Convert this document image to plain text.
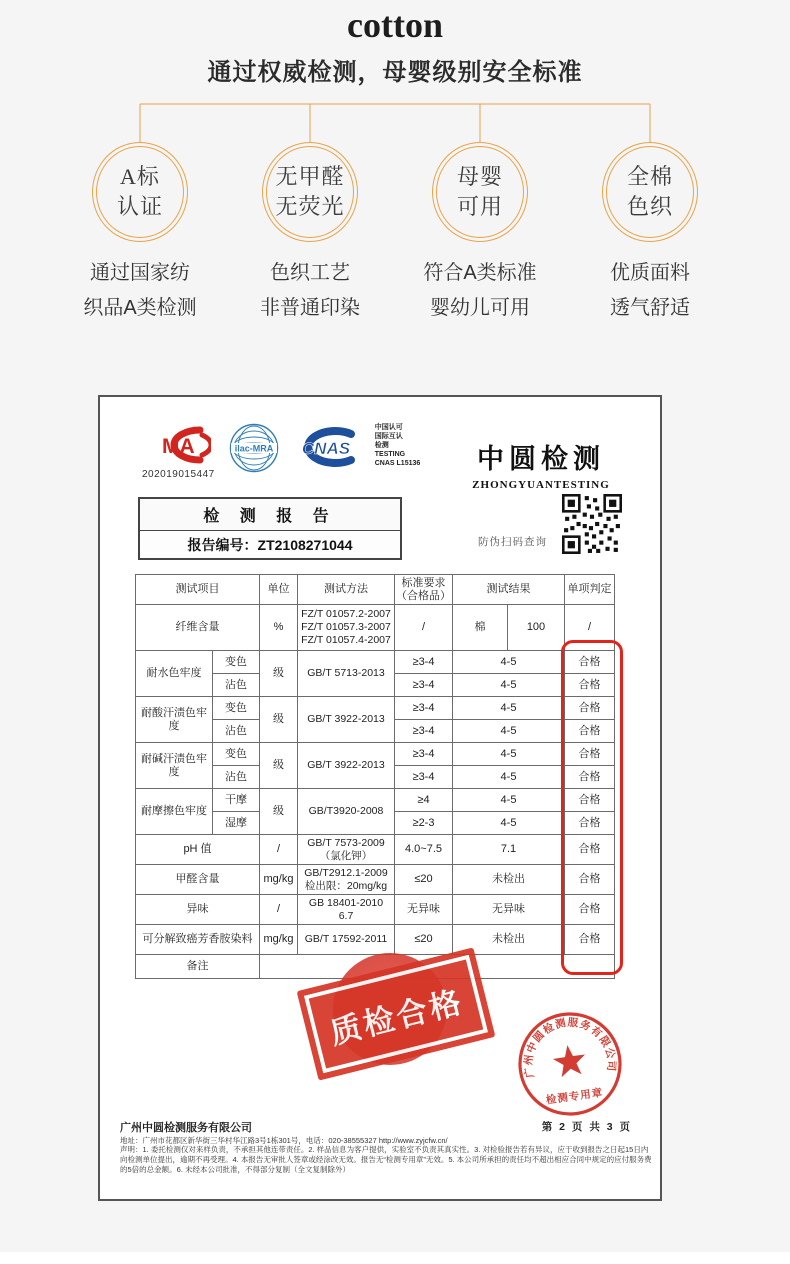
cotton
通过权威检测，母婴级别安全标准
A标
认证
通过国家纺
织品A类检测
无甲醛
无荧光
色织工艺
非普通印染
母婴
可用
符合A类标准
婴幼儿可用
全棉
色织
优质面料
透气舒适
MA
202019015447
ilac-MRA CNAS
中国认可
国际互认
检测
TESTING
CNAS L15136	中圆检测
ZHONGYUANTESTING
检 测 报 告
报告编号： ZT2108271044	防伪扫码查询
测试项目		单位	测试方法	标准要求
（合格品）	测试结果		单项判定
纤维含量		%	FZ/T 01057.2-2007
FZ/T 01057.3-2007
FZ/T 01057.4-2007	/	棉	100	/
耐水色牢度	变色	级	GB/T 5713-2013	≥3-4	4-5		合格
	沾色			≥3-4	4-5		合格
耐酸汗渍色牢度	变色	级	GB/T 3922-2013	≥3-4	4-5		合格
	沾色			≥3-4	4-5		合格
耐碱汗渍色牢度	变色	级	GB/T 3922-2013	≥3-4	4-5		合格
	沾色			≥3-4	4-5		合格
耐摩擦色牢度	干摩	级	GB/T3920-2008	≥4	4-5		合格
	湿摩			≥2-3	4-5		合格
pH 值		/	GB/T 7573-2009
（氯化钾）	4.0~7.5	7.1		合格
甲醛含量		mg/kg	GB/T2912.1-2009
检出限：20mg/kg	≤20	未检出		合格
异味		/	GB 18401-2010
6.7	无异味	无异味		合格
可分解致癌芳香胺染料		mg/kg	GB/T 17592-2011	≤20	未检出		合格
备注							
质检合格
广州中圆检测服务有限公司
检测专用章
广州中圆检测服务有限公司	第 2 页 共 3 页
地址：广州市花都区新华街三华村华江路3号1栋301号，电话：020-38555327 http://www.zyjcfw.cn/
声明：1. 委托检测仅对来样负责，不承担其他连带责任。2. 样品信息为客户提供，实验室不负责其真实性。3. 对检验报告若有异议，应于收到报告之日起15日内向检测单位提出，逾期不再受理。4. 本报告无审批人签章或经涂改无效。报告无“检测专用章”无效。5. 本公司所承担的责任均不超出相应合同中规定的应付服务费的5倍的总金额。6. 未经本公司批准，不得部分复制（全文复制除外）
